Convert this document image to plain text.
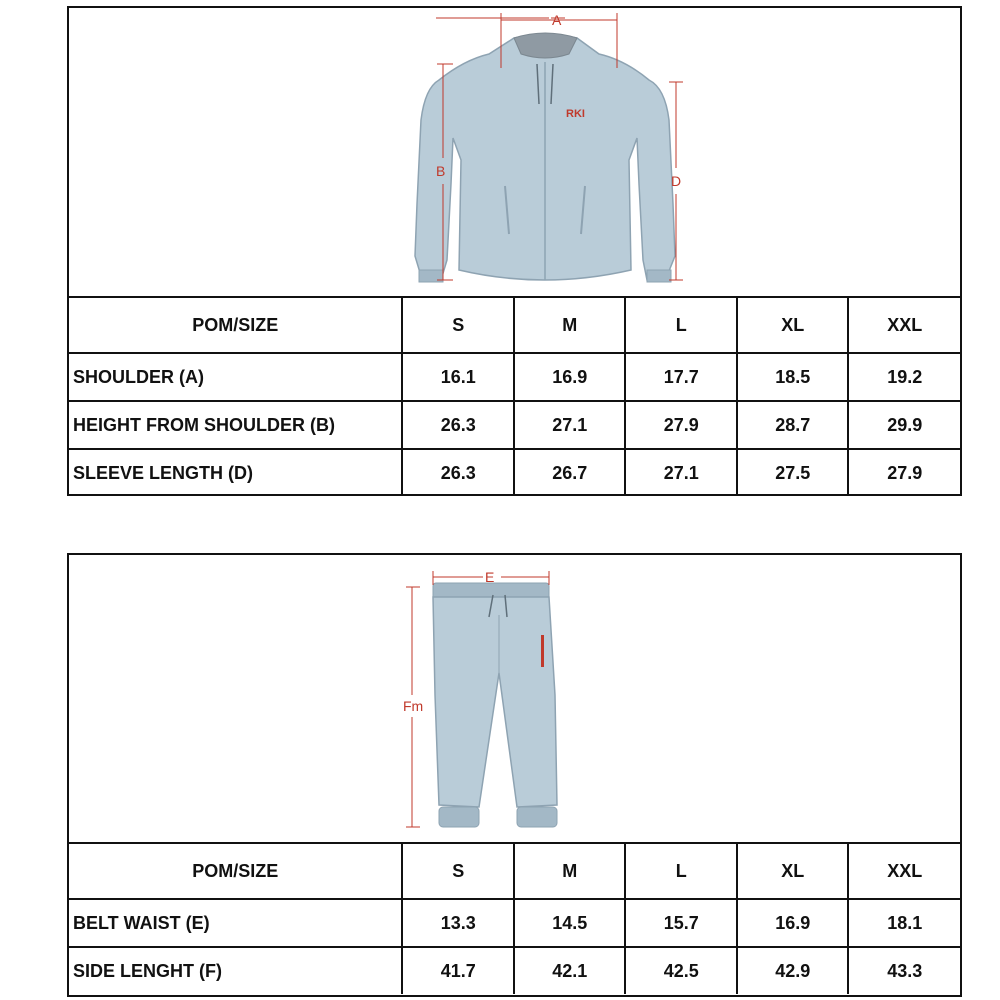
RKI
A
B
D
POM/SIZE	S	M	L	XL	XXL
SHOULDER (A)	16.1	16.9	17.7	18.5	19.2
HEIGHT FROM SHOULDER (B)	26.3	27.1	27.9	28.7	29.9
SLEEVE LENGTH (D)	26.3	26.7	27.1	27.5	27.9
E
Fm
POM/SIZE	S	M	L	XL	XXL
BELT WAIST (E)	13.3	14.5	15.7	16.9	18.1
SIDE LENGHT (F)	41.7	42.1	42.5	42.9	43.3
